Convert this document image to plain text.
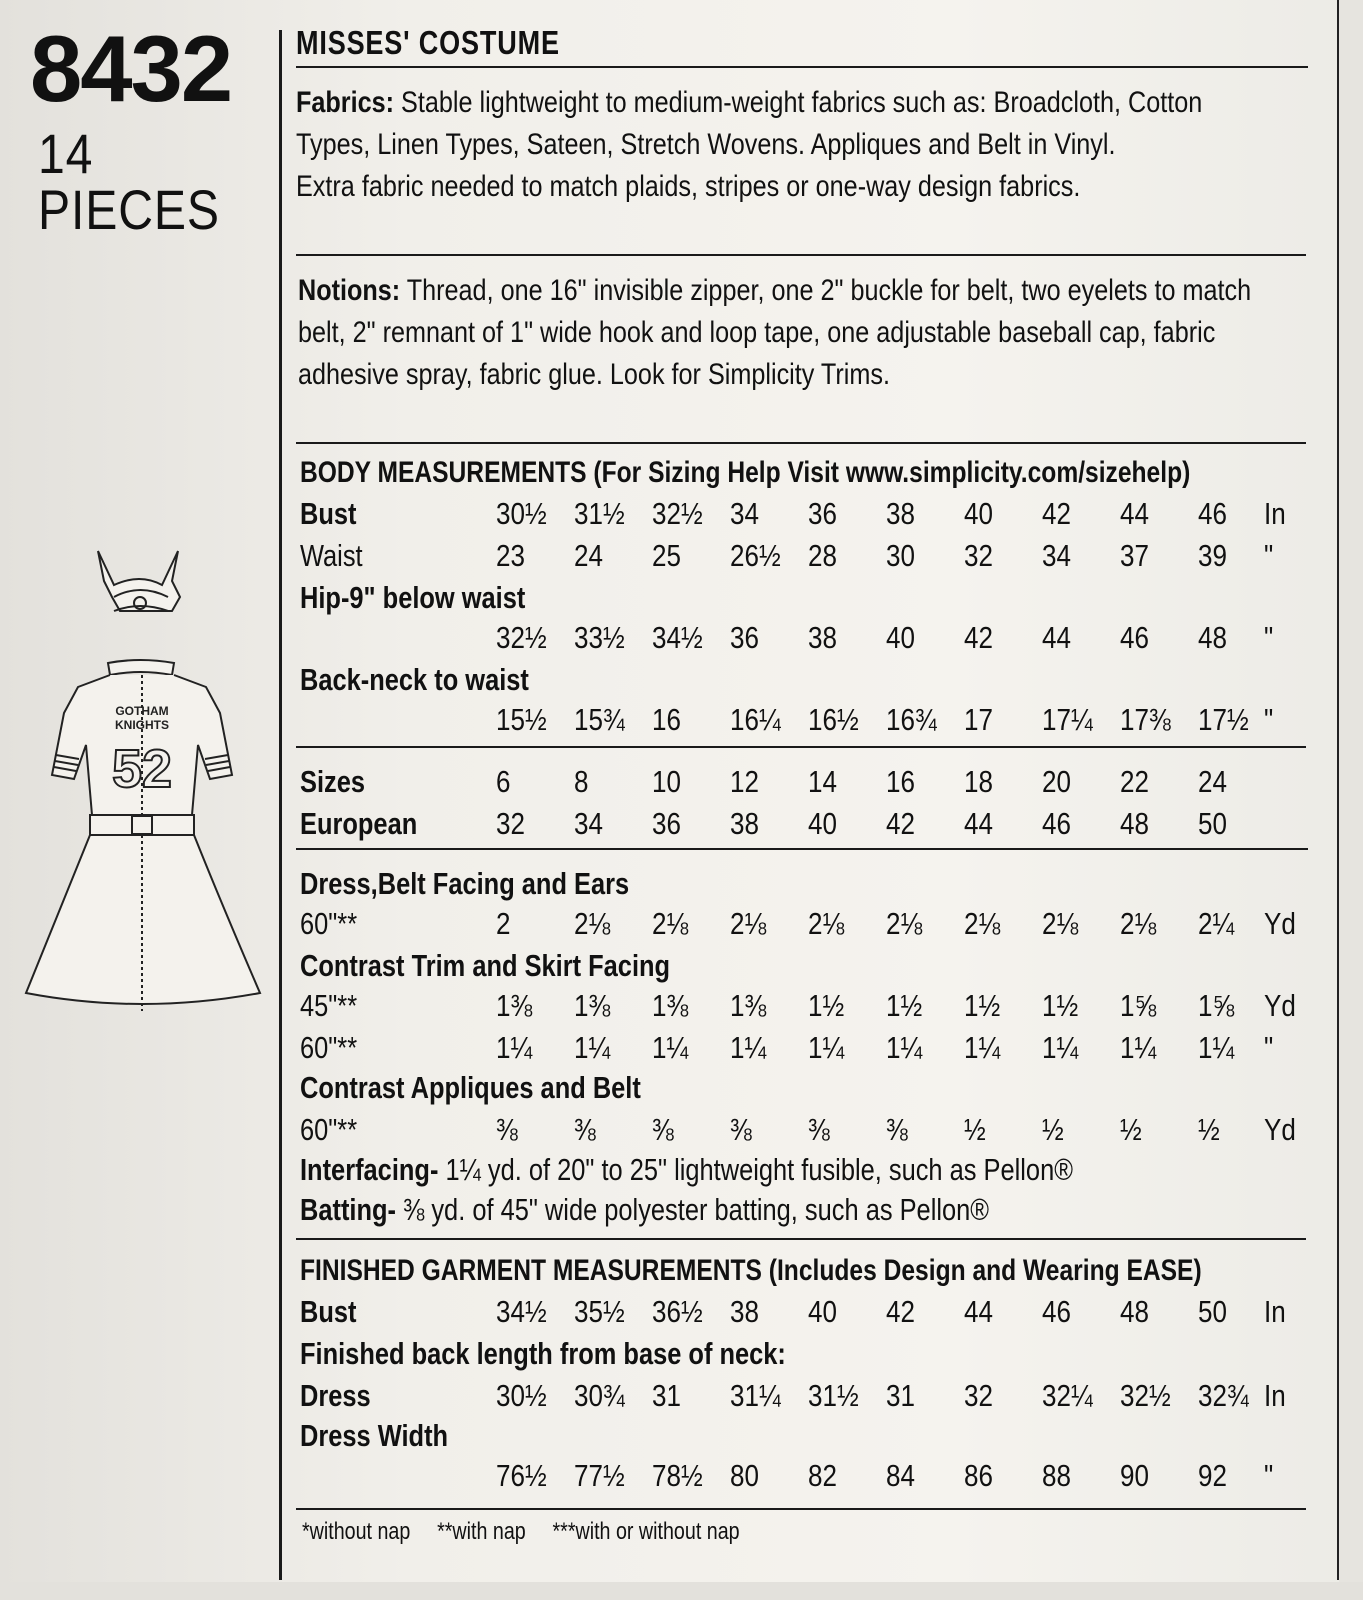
8432
14 PIECES
GOTHAM
KNIGHTS
52
MISSES' COSTUME
Fabrics: Stable lightweight to medium-weight fabrics such as: Broadcloth, Cotton
Types, Linen Types, Sateen, Stretch Wovens. Appliques and Belt in Vinyl.
Extra fabric needed to match plaids, stripes or one-way design fabrics.
Notions: Thread, one 16" invisible zipper, one 2" buckle for belt, two eyelets to match
belt, 2" remnant of 1" wide hook and loop tape, one adjustable baseball cap, fabric
adhesive spray, fabric glue. Look for Simplicity Trims.
BODY MEASUREMENTS (For Sizing Help Visit www.simplicity.com/sizehelp)
Bust	30½ 31½ 32½ 34 36 38 40 42 44 46 In
Waist	23 24 25 26½ 28 30 32 34 37 39 "
Hip-9" below waist
32½ 33½ 34½ 36 38 40 42 44 46 48 "
Back-neck to waist
15½ 15¾ 16 16¼ 16½ 16¾ 17 17¼ 17⅜ 17½ "
Sizes	6 8 10 12 14 16 18 20 22 24
European	32 34 36 38 40 42 44 46 48 50
Dress,Belt Facing and Ears
60"**	2 2⅛ 2⅛ 2⅛ 2⅛ 2⅛ 2⅛ 2⅛ 2⅛ 2¼ Yd
Contrast Trim and Skirt Facing
45"**	1⅜ 1⅜ 1⅜ 1⅜ 1½ 1½ 1½ 1½ 1⅝ 1⅝ Yd
60"**	1¼ 1¼ 1¼ 1¼ 1¼ 1¼ 1¼ 1¼ 1¼ 1¼ "
Contrast Appliques and Belt
60"**	⅜ ⅜ ⅜ ⅜ ⅜ ⅜ ½ ½ ½ ½ Yd
Interfacing- 1¼ yd. of 20" to 25" lightweight fusible, such as Pellon®
Batting- ⅜ yd. of 45" wide polyester batting, such as Pellon®
FINISHED GARMENT MEASUREMENTS (Includes Design and Wearing EASE)
Bust	34½ 35½ 36½ 38 40 42 44 46 48 50 In
Finished back length from base of neck:
Dress	30½ 30¾ 31 31¼ 31½ 31 32 32¼ 32½ 32¾ In
Dress Width
76½ 77½ 78½ 80 82 84 86 88 90 92 "
*without nap **with nap ***with or without nap
